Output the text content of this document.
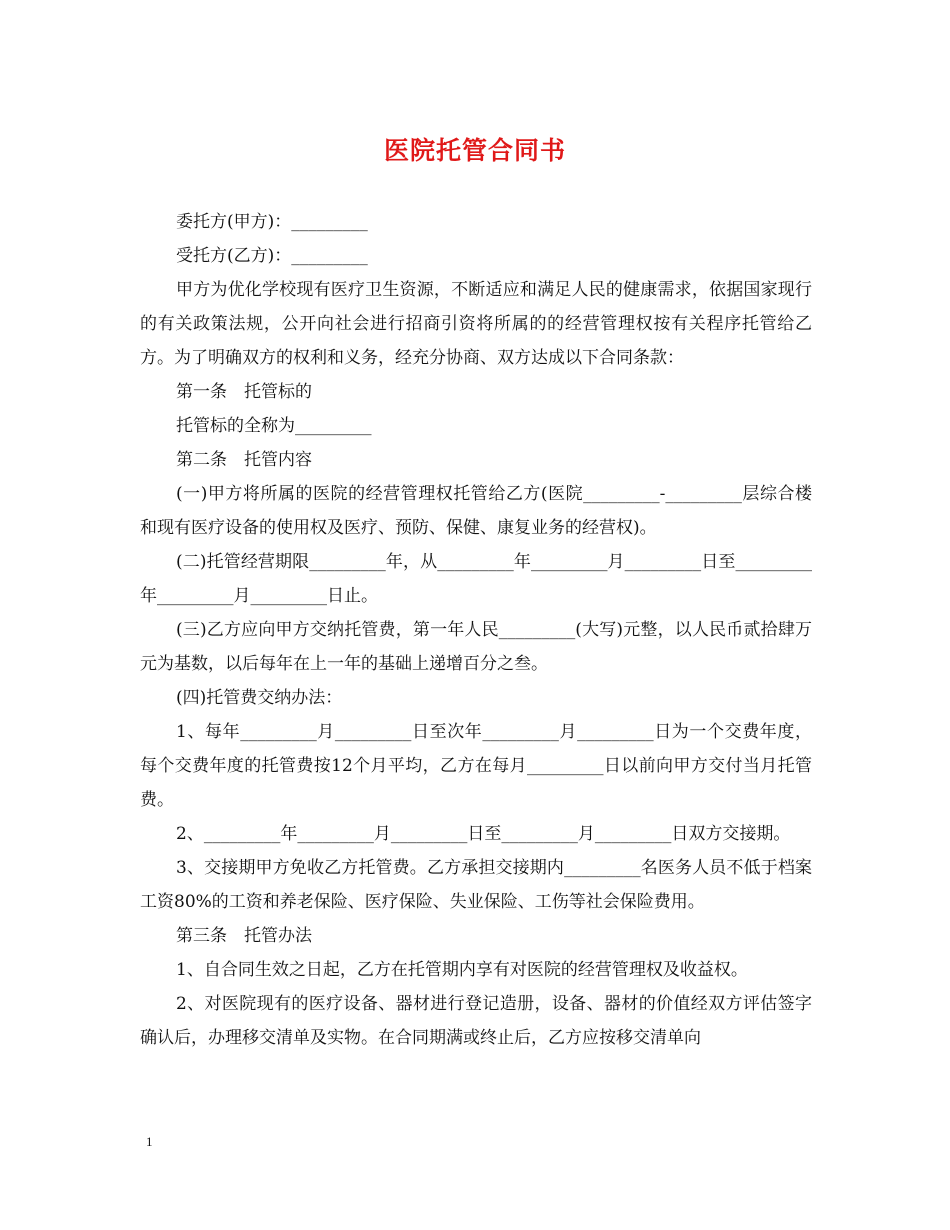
医院托管合同书

委托方(甲方)：_________

受托方(乙方)：_________

甲方为优化学校现有医疗卫生资源，不断适应和满足人民的健康需求，依据国家现行的有关政策法规，公开向社会进行招商引资将所属的的经营管理权按有关程序托管给乙方。为了明确双方的权利和义务，经充分协商、双方达成以下合同条款：

第一条　托管标的

托管标的全称为_________

第二条　托管内容

(一)甲方将所属的医院的经营管理权托管给乙方(医院_________-_________层综合楼和现有医疗设备的使用权及医疗、预防、保健、康复业务的经营权)。

(二)托管经营期限_________年，从_________年_________月_________日至_________年_________月_________日止。

(三)乙方应向甲方交纳托管费，第一年人民_________(大写)元整，以人民币贰拾肆万元为基数，以后每年在上一年的基础上递增百分之叁。

(四)托管费交纳办法：

1、每年_________月_________日至次年_________月_________日为一个交费年度，每个交费年度的托管费按12个月平均，乙方在每月_________日以前向甲方交付当月托管费。

2、_________年_________月_________日至_________月_________日双方交接期。

3、交接期甲方免收乙方托管费。乙方承担交接期内_________名医务人员不低于档案工资80%的工资和养老保险、医疗保险、失业保险、工伤等社会保险费用。

第三条　托管办法

1、自合同生效之日起，乙方在托管期内享有对医院的经营管理权及收益权。

2、对医院现有的医疗设备、器材进行登记造册，设备、器材的价值经双方评估签字确认后，办理移交清单及实物。在合同期满或终止后，乙方应按移交清单向

1
